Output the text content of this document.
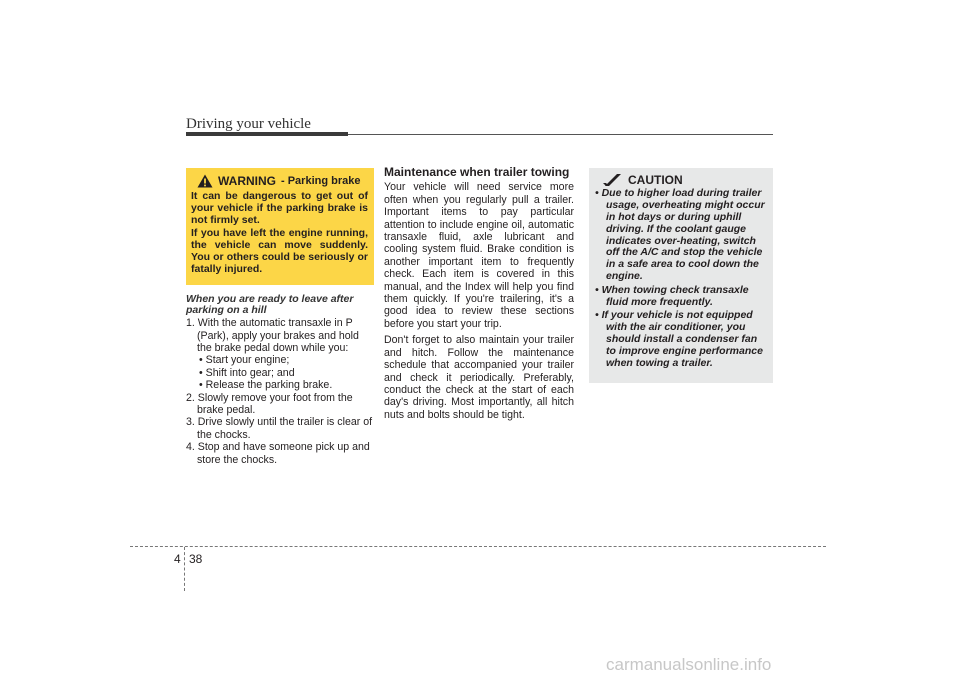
Driving your vehicle
WARNING - Parking brake

It can be dangerous to get out of your vehicle if the parking brake is not firmly set.

If you have left the engine running, the vehicle can move suddenly. You or others could be seriously or fatally injured.

When you are ready to leave after parking on a hill
1. With the automatic transaxle in P (Park), apply your brakes and hold the brake pedal down while you:
• Start your engine;
• Shift into gear; and
• Release the parking brake.
2. Slowly remove your foot from the brake pedal.
3. Drive slowly until the trailer is clear of the chocks.
4. Stop and have someone pick up and store the chocks.
Maintenance when trailer towing

Your vehicle will need service more often when you regularly pull a trailer. Important items to pay particular attention to include engine oil, automatic transaxle fluid, axle lubricant and cooling system fluid. Brake condition is another important item to frequently check. Each item is covered in this manual, and the Index will help you find them quickly. If you're trailering, it's a good idea to review these sections before you start your trip.

Don't forget to also maintain your trailer and hitch. Follow the maintenance schedule that accompanied your trailer and check it periodically. Preferably, conduct the check at the start of each day's driving. Most importantly, all hitch nuts and bolts should be tight.

CAUTION
• Due to higher load during trailer usage, overheating might occur in hot days or during uphill driving. If the coolant gauge indicates over-heating, switch off the A/C and stop the vehicle in a safe area to cool down the engine.
• When towing check transaxle fluid more frequently.
• If your vehicle is not equipped with the air conditioner, you should install a condenser fan to improve engine performance when towing a trailer.
4 38
carmanualsonline.info
